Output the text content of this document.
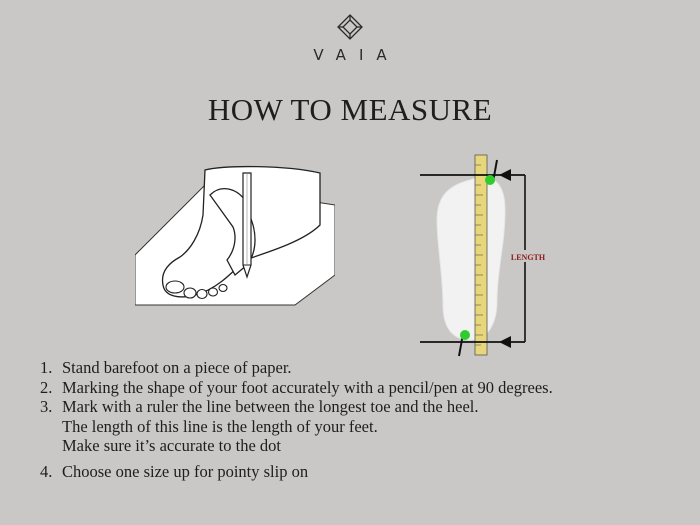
VAIA
HOW TO MEASURE
LENGTH
1. Stand barefoot on a piece of paper.
2. Marking the shape of your foot accurately with a pencil/pen at 90 degrees.
3. Mark with a ruler the line between the longest toe and the heel.
The length of this line is the length of your feet.
Make sure it’s accurate to the dot
4. Choose one size up for pointy slip on
